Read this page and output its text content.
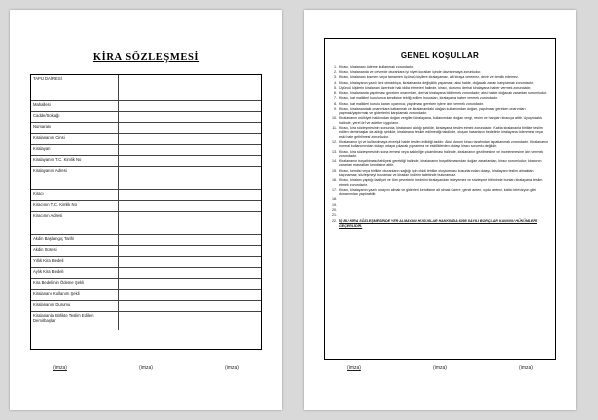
KİRA SÖZLEŞMESİ
TAPU DAİRESİ
Mahallesi
Cadde/Sokağı
Numarası
Kiralananın Cinsi
Kiralayan
Kiralayanın T.C. Kimlik No
Kiralayanın Adresi
Kiracı
Kiracının T.C. Kimlik No
Kiracının Adresi
Akdin Başlangıç Tarihi
Akdin Süresi
Yıllık Kira Bedeli
Aylık Kira Bedeli
Kira Bedelinin Ödeme Şekli
Kiralananı Kullanım Şekli
Kiralananın Durumu
Kiralananla Birlikte Teslim Edilen Demirbaşlar
(imza)	(imza)	(imza)
GENEL KOŞULLAR
1. Kiracı, kiralananı ödeme kullanmak zorundadır.
2. Kiracı, kiralananda ve cevrede oturanlara iyi niyet kuralları içinde davranmaya zorunludur.
3. Kiracı, kiralananı kısmen veya tamamen üçüncü kişilere kiralayamaz, alt kiraya veremez, devir ve temlik edemez.
4. Kiracı, kiralayanın yazılı izni olmadıkça, kiralananda değişiklik yapamaz; aksi halde, doğacak zararı karşılamak zorundadır.
5. Üçüncü kişilerin kiralanan üzerinde hak iddia etmeleri halinde, kiracı, durumu derhal kiralayana haber vermek zorundadır.
6. Kiracı, kiralananda yapılması gereken onarımları, derhal kiralayana bildirmek zorundadır; aksi halde doğacak zarardan sorumludur.
7. Kiracı, kat malikleri kurulunca kendisine tebliğ edilen hususları, kiralayana haber vermek zorundadır.
8. Kiracı, kat malikleri kurulu kararı uyarınca, yapılması gereken işlere izin vermek zorundadır.
9. Kiracı, kiralanandaki onarımlara katlanmak ve kiralanandaki olağan kullanımdan doğan, yapılması gereken onarımları yapmak/yaptırmak ve giderlerini karşılamak zorundadır.
10. Kiralananın mülkiyet hakkından doğan vergileri kiralayana, kullanımdan doğan vergi, resim ve harçları kiracıya aittir. Uyuşmazlık halinde, yerel örf ve adetler uygulanır.
11. Kiracı, kira sözleşmesinin sonunda, kiralananı aldığı şekilde, kiralayana teslim etmek zorundadır. Kabla kiralananla birlikte teslim edilen demirbaşlar da aldığı şekilde, kiralanana teslim edilmediği takdirde, oluşan hasarların bedelinin kiralayana ödenmesi veya eski hale getirilmesi zorunludur.
12. Kiralananın iyi ve kullanılmaya elverişli halde teslim edildiği asıldır. Aksi durum kiracı tarafından ispatlanmak zorundadır. Kiralananın normal kullanımından dolayı ortaya çıkacak yıpranma ve eskiliklerden dolayı kiracı sorumlu değildir.
13. Kiracı, kira sözleşmesinin sona ermesi veya sakinliğe çıkartılması halinde, kiralananın gezilmesine ve incelenmesine izin vermek zorundadır.
14. Kiralananın boşaltılması/tahliyesi gerektiği halinde, kiralananın boşaltılmasından doğan zararlardan, kiracı sorumludur; kiracının zararları masrafları kendisine aittir.
15. Kiracı, kendisi veya birlikte oturanların sağlığı için ciddi tehlike oluşturması kusurlarından dolayı, kiralayanı teslim almaktan kaçınamaz; sözleşmeyi bozamaz ve kiradan indirim talebinde bulunamaz.
16. Kiracı, kiralanı yaptığı faaliyet ve tüm çevrelerin bedelini kiralayandan isteyemez ve sözleşme bitiminde bunları kiralayana teslim etmek zorundadır.
17. Kiracı, kiralayanın yazılı onayını almak ve giderleri kendisine ait olmak üzere, genel anten, uydu anteni, kablo televizyon gibi donanımları yaptırabilir.
18.
19.
20.
21.
22. İŞ BU KİRA SÖZLEŞMESİNDE YER ALMAYAN HUSUSLAR HAKKINDA 6098 SAYILI BORÇLAR KANUNU HÜKÜMLERİ GEÇERLİDİR.
(imza)	(imza)	(imza)
